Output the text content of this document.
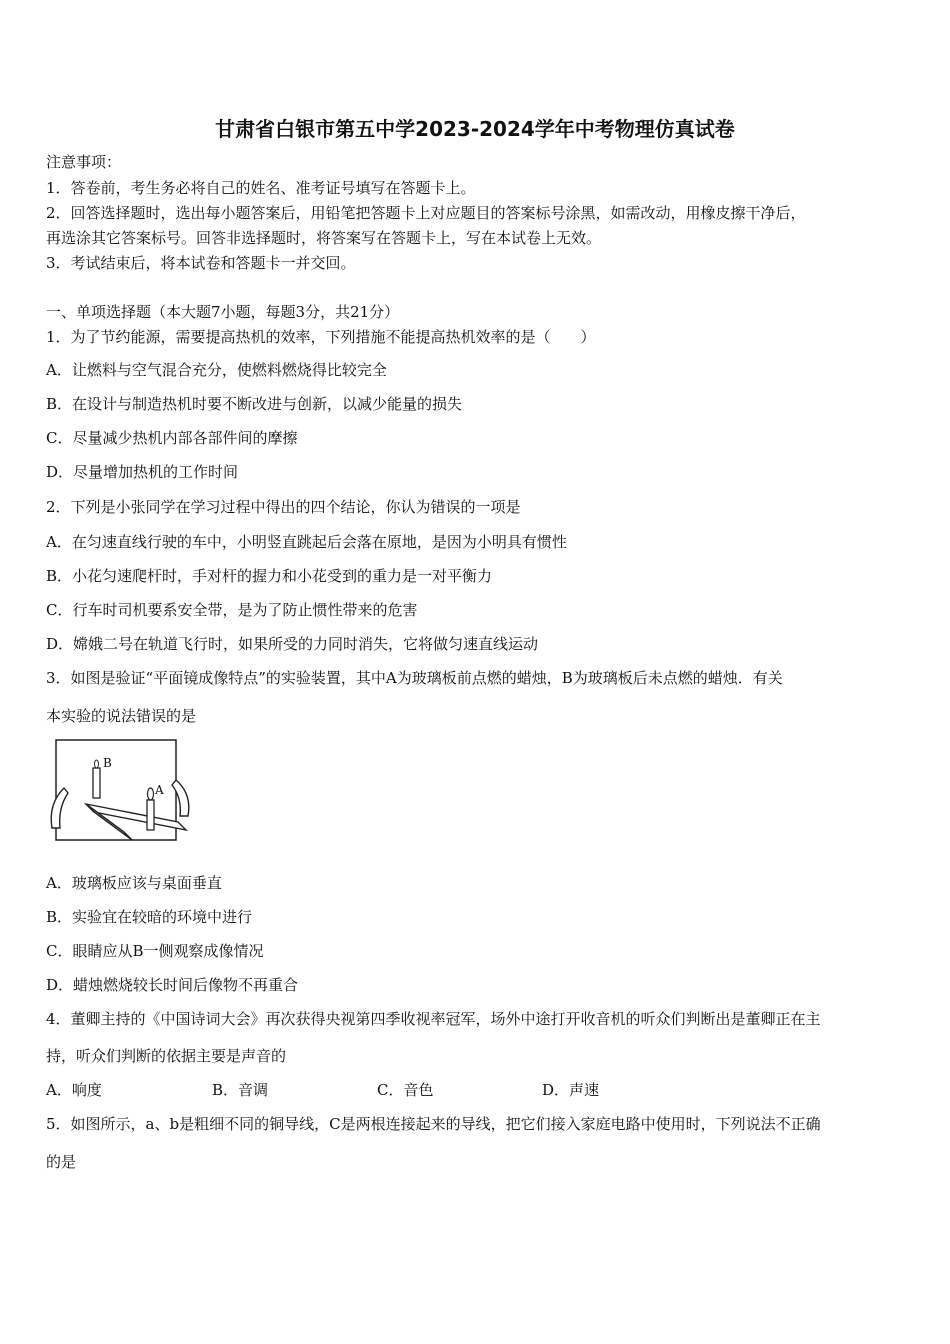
甘肃省白银市第五中学2023-2024学年中考物理仿真试卷
注意事项：
1．答卷前，考生务必将自己的姓名、准考证号填写在答题卡上。
2．回答选择题时，选出每小题答案后，用铅笔把答题卡上对应题目的答案标号涂黑，如需改动，用橡皮擦干净后，
再选涂其它答案标号。回答非选择题时，将答案写在答题卡上，写在本试卷上无效。
3．考试结束后，将本试卷和答题卡一并交回。
一、单项选择题（本大题7小题，每题3分，共21分）
1．为了节约能源，需要提高热机的效率，下列措施不能提高热机效率的是（　　）
A．让燃料与空气混合充分，使燃料燃烧得比较完全
B．在设计与制造热机时要不断改进与创新，以减少能量的损失
C．尽量减少热机内部各部件间的摩擦
D．尽量增加热机的工作时间
2．下列是小张同学在学习过程中得出的四个结论，你认为错误的一项是
A．在匀速直线行驶的车中，小明竖直跳起后会落在原地，是因为小明具有惯性
B．小花匀速爬杆时，手对杆的握力和小花受到的重力是一对平衡力
C．行车时司机要系安全带，是为了防止惯性带来的危害
D．嫦娥二号在轨道飞行时，如果所受的力同时消失，它将做匀速直线运动
3．如图是验证“平面镜成像特点”的实验装置，其中A为玻璃板前点燃的蜡烛，B为玻璃板后未点燃的蜡烛．有关
本实验的说法错误的是
B
A
A．玻璃板应该与桌面垂直
B．实验宜在较暗的环境中进行
C．眼睛应从B一侧观察成像情况
D．蜡烛燃烧较长时间后像物不再重合
4．董卿主持的《中国诗词大会》再次获得央视第四季收视率冠军，场外中途打开收音机的听众们判断出是董卿正在主
持，听众们判断的依据主要是声音的
A．响度	B．音调	C．音色	D．声速
5．如图所示，a、b是粗细不同的铜导线，C是两根连接起来的导线，把它们接入家庭电路中使用时，下列说法不正确
的是
